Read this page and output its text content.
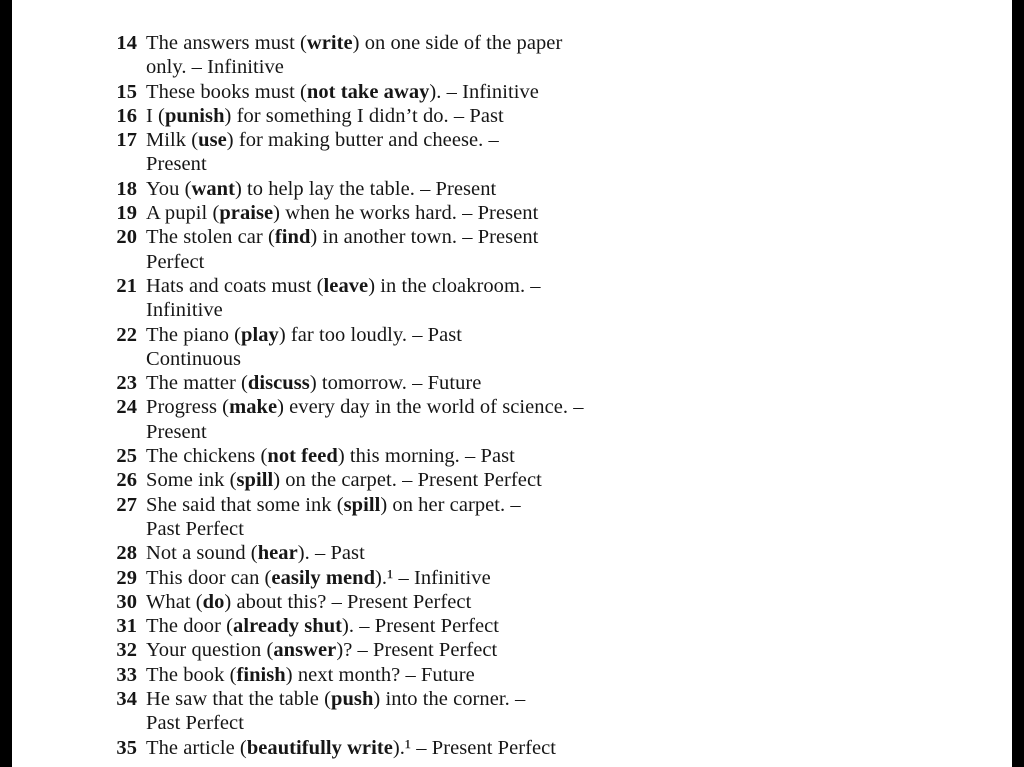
14 The answers must (write) on one side of the paper
only. – Infinitive
15 These books must (not take away). – Infinitive
16 I (punish) for something I didn’t do. – Past
17 Milk (use) for making butter and cheese. –
Present
18 You (want) to help lay the table. – Present
19 A pupil (praise) when he works hard. – Present
20 The stolen car (find) in another town. – Present
Perfect
21 Hats and coats must (leave) in the cloakroom. –
Infinitive
22 The piano (play) far too loudly. – Past
Continuous
23 The matter (discuss) tomorrow. – Future
24 Progress (make) every day in the world of science. –
Present
25 The chickens (not feed) this morning. – Past
26 Some ink (spill) on the carpet. – Present Perfect
27 She said that some ink (spill) on her carpet. –
Past Perfect
28 Not a sound (hear). – Past
29 This door can (easily mend).¹ – Infinitive
30 What (do) about this? – Present Perfect
31 The door (already shut). – Present Perfect
32 Your question (answer)? – Present Perfect
33 The book (finish) next month? – Future
34 He saw that the table (push) into the corner. –
Past Perfect
35 The article (beautifully write).¹ – Present Perfect
